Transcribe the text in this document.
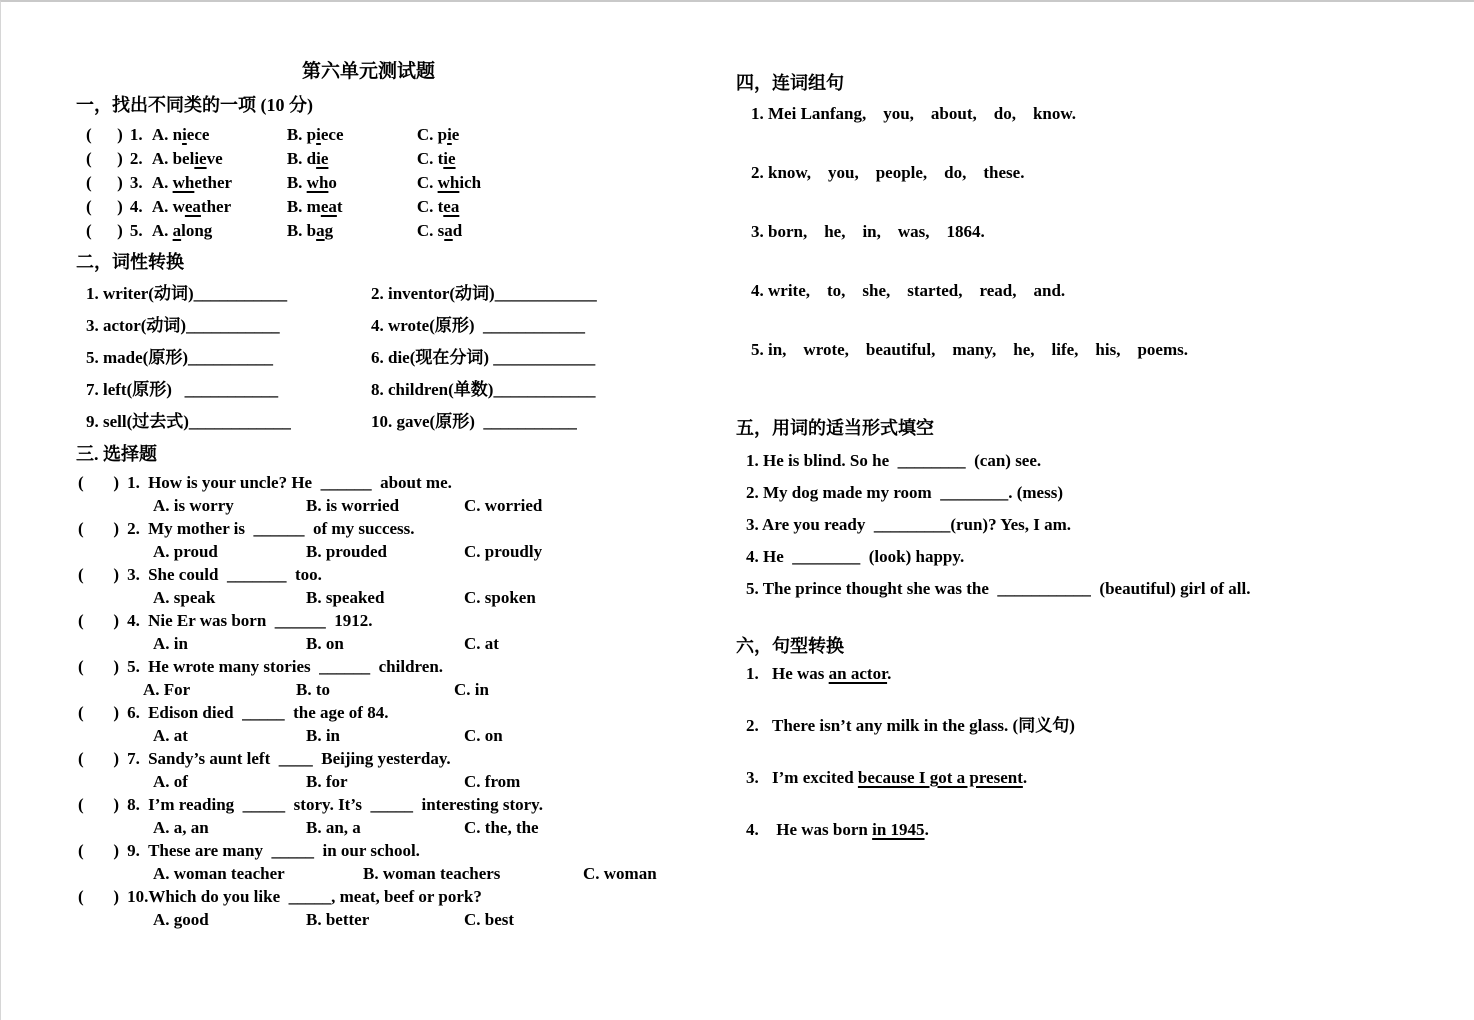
第六单元测试题
一，找出不同类的一项 (10 分)
(      ) 1. A. niece	B. piece	C. pie
(      ) 2. A. believe	B. die	C. tie
(      ) 3. A. whether	B. who	C. which
(      ) 4. A. weather	B. meat	C. tea
(      ) 5. A. along	B. bag	C. sad
二，词性转换
1. writer(动词)___________	2. inventor(动词)____________
3. actor(动词)___________	4. wrote(原形)  ____________
5. made(原形)__________	6. die(现在分词) ____________
7. left(原形)   ___________	8. children(单数)____________
9. sell(过去式)____________	10. gave(原形)  ___________
三. 选择题
(       ) 1. How is your uncle? He  ______  about me.
A. is worry	B. is worried	C. worried
(       ) 2. My mother is  ______  of my success.
A. proud	B. prouded	C. proudly
(       ) 3. She could  _______  too.
A. speak	B. speaked	C. spoken
(       ) 4. Nie Er was born  ______  1912.
A. in	B. on	C. at
(       ) 5. He wrote many stories  ______  children.
A. For	B. to	C. in
(       ) 6. Edison died  _____  the age of 84.
A. at	B. in	C. on
(       ) 7. Sandy’s aunt left  ____  Beijing yesterday.
A. of	B. for	C. from
(       ) 8. I’m reading  _____  story. It’s  _____  interesting story.
A. a, an	B. an, a	C. the, the
(       ) 9. These are many  _____  in our school.
A. woman teacher	B. woman teachers	C. woman
(       ) 10. Which do you like  _____, meat, beef or pork?
A. good	B. better	C. best
四，连词组句
1. Mei Lanfang,    you,    about,    do,    know.
2. know,    you,    people,    do,    these.
3. born,    he,    in,    was,    1864.
4. write,    to,    she,    started,    read,    and.
5. in,    wrote,    beautiful,    many,    he,    life,    his,    poems.
五，用词的适当形式填空
1. He is blind. So he  ________  (can) see.
2. My dog made my room  ________. (mess)
3. Are you ready  _________(run)? Yes, I am.
4. He  ________  (look) happy.
5. The prince thought she was the  ___________  (beautiful) girl of all.
六，句型转换
1. He was an actor.
2. There isn’t any milk in the glass. (同义句)
3. I’m excited because I got a present.
4. He was born in 1945.
